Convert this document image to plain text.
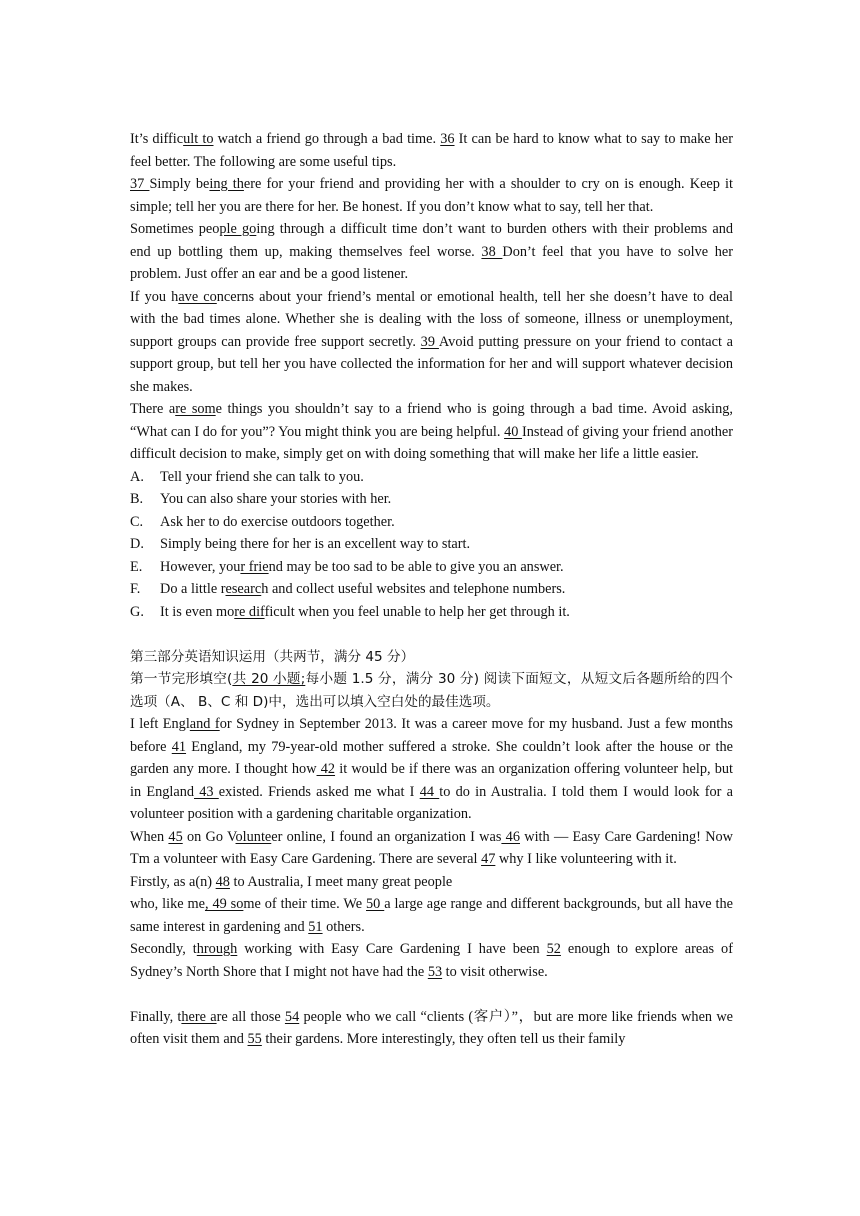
It’s difficult to watch a friend go through a bad time. 36 It can be hard to know what to say to make her feel better. The following are some useful tips.

37 Simply being there for your friend and providing her with a shoulder to cry on is enough. Keep it simple; tell her you are there for her. Be honest. If you don’t know what to say, tell her that.

Sometimes people going through a difficult time don’t want to burden others with their problems and end up bottling them up, making themselves feel worse. 38 Don’t feel that you have to solve her problem. Just offer an ear and be a good listener.

If you have concerns about your friend’s mental or emotional health, tell her she doesn’t have to deal with the bad times alone. Whether she is dealing with the loss of someone, illness or unemployment, support groups can provide free support secretly. 39 Avoid putting pressure on your friend to contact a support group, but tell her you have collected the information for her and will support whatever decision she makes.

There are some things you shouldn’t say to a friend who is going through a bad time. Avoid asking, “What can I do for you”? You might think you are being helpful. 40 Instead of giving your friend another difficult decision to make, simply get on with doing something that will make her life a little easier.

A.	Tell your friend she can talk to you.
B.	You can also share your stories with her.
C.	Ask her to do exercise outdoors together.
D.	Simply being there for her is an excellent way to start.
E.	However, your friend may be too sad to be able to give you an answer.
F.	Do a little research and collect useful websites and telephone numbers.
G.	It is even more difficult when you feel unable to help her get through it.

第三部分英语知识运用（共两节，满分 45 分）

第一节完形填空(共 20 小题;每小题 1.5 分，满分 30 分) 阅读下面短文，从短文后各题所给的四个选项（A、 B、C 和 D)中，选出可以填入空白处的最佳选项。

I left England for Sydney in September 2013. It was a career move for my husband. Just a few months before 41 England, my 79-year-old mother suffered a stroke. She couldn’t look after the house or the garden any more. I thought how 42 it would be if there was an organization offering volunteer help, but in England 43 existed. Friends asked me what I 44 to do in Australia. I told them I would look for a volunteer position with a gardening charitable organization.

When 45 on Go Volunteer online, I found an organization I was 46 with — Easy Care Gardening! Now Tm a volunteer with Easy Care Gardening. There are several 47 why I like volunteering with it.

Firstly, as a(n) 48 to Australia, I meet many great people

who, like me, 49 some of their time. We 50 a large age range and different backgrounds, but all have the same interest in gardening and 51 others.

Secondly, through working with Easy Care Gardening I have been 52 enough to explore areas of Sydney’s North Shore that I might not have had the 53 to visit otherwise.

Finally, there are all those 54 people who we call “clients (客户）”，but are more like friends when we often visit them and 55 their gardens. More interestingly, they often tell us their family
